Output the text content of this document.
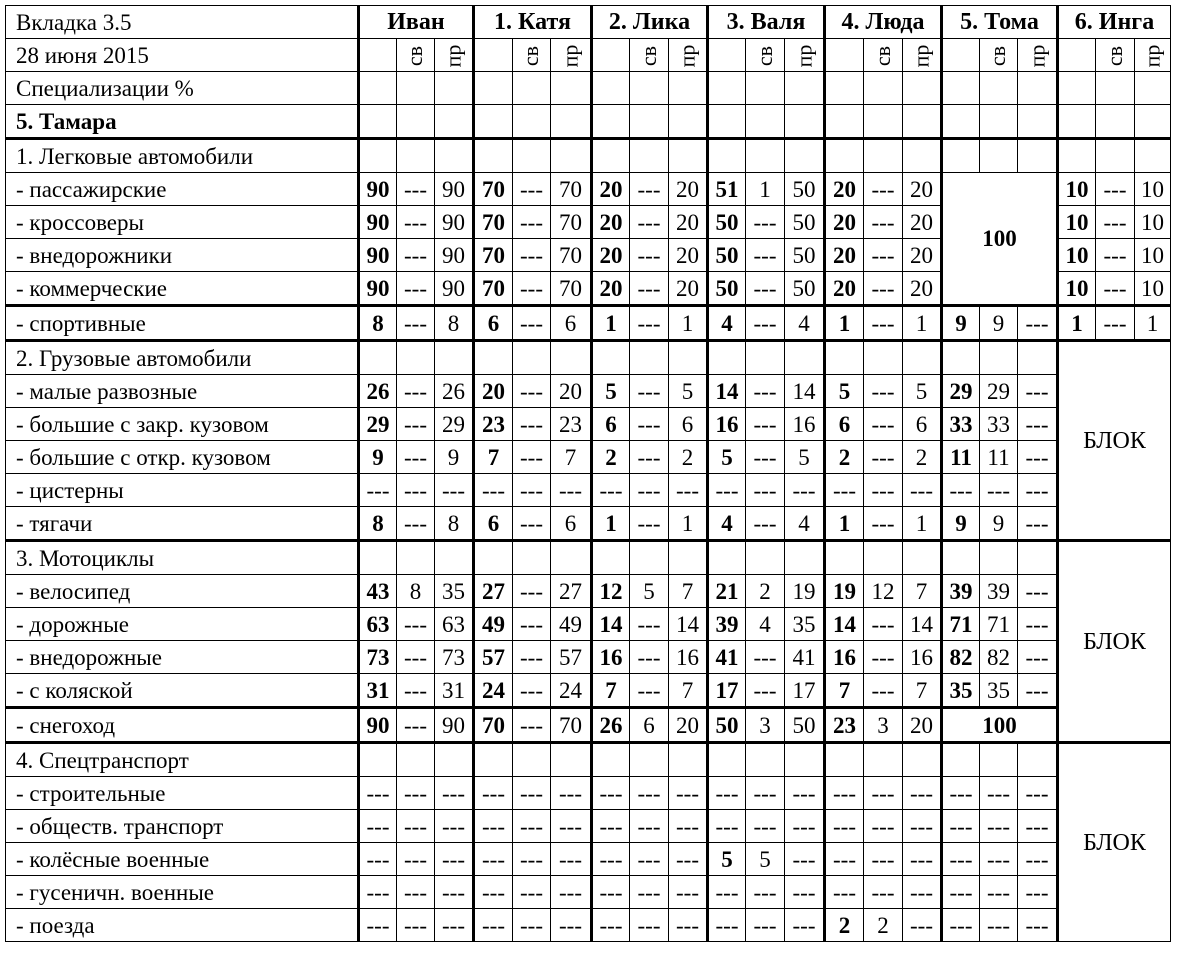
Вкладка 3.5	Иван			1. Катя			2. Лика			3. Валя			4. Люда			5. Тома			6. Инга		
28 июня 2015		св	пр		св	пр		св	пр		св	пр		св	пр		св	пр		св	пр
Специализации %																					
5. Тамара																					
1. Легковые автомобили																					
- пассажирские	90	---	90	70	---	70	20	---	20	51	1	50	20	---	20	100			10	---	10
- кроссоверы	90	---	90	70	---	70	20	---	20	50	---	50	20	---	20				10	---	10
- внедорожники	90	---	90	70	---	70	20	---	20	50	---	50	20	---	20				10	---	10
- коммерческие	90	---	90	70	---	70	20	---	20	50	---	50	20	---	20				10	---	10
- спортивные	8	---	8	6	---	6	1	---	1	4	---	4	1	---	1	9	9	---	1	---	1
2. Грузовые автомобили																			БЛОК		
- малые развозные	26	---	26	20	---	20	5	---	5	14	---	14	5	---	5	29	29	---			
- большие с закр. кузовом	29	---	29	23	---	23	6	---	6	16	---	16	6	---	6	33	33	---			
- большие с откр. кузовом	9	---	9	7	---	7	2	---	2	5	---	5	2	---	2	11	11	---			
- цистерны	---	---	---	---	---	---	---	---	---	---	---	---	---	---	---	---	---	---			
- тягачи	8	---	8	6	---	6	1	---	1	4	---	4	1	---	1	9	9	---			
3. Мотоциклы																			БЛОК		
- велосипед	43	8	35	27	---	27	12	5	7	21	2	19	19	12	7	39	39	---			
- дорожные	63	---	63	49	---	49	14	---	14	39	4	35	14	---	14	71	71	---			
- внедорожные	73	---	73	57	---	57	16	---	16	41	---	41	16	---	16	82	82	---			
- с коляской	31	---	31	24	---	24	7	---	7	17	---	17	7	---	7	35	35	---			
- снегоход	90	---	90	70	---	70	26	6	20	50	3	50	23	3	20	100					
4. Спецтранспорт																			БЛОК		
- строительные	---	---	---	---	---	---	---	---	---	---	---	---	---	---	---	---	---	---			
- обществ. транспорт	---	---	---	---	---	---	---	---	---	---	---	---	---	---	---	---	---	---			
- колёсные военные	---	---	---	---	---	---	---	---	---	5	5	---	---	---	---	---	---	---			
- гусеничн. военные	---	---	---	---	---	---	---	---	---	---	---	---	---	---	---	---	---	---			
- поезда	---	---	---	---	---	---	---	---	---	---	---	---	2	2	---	---	---	---			
